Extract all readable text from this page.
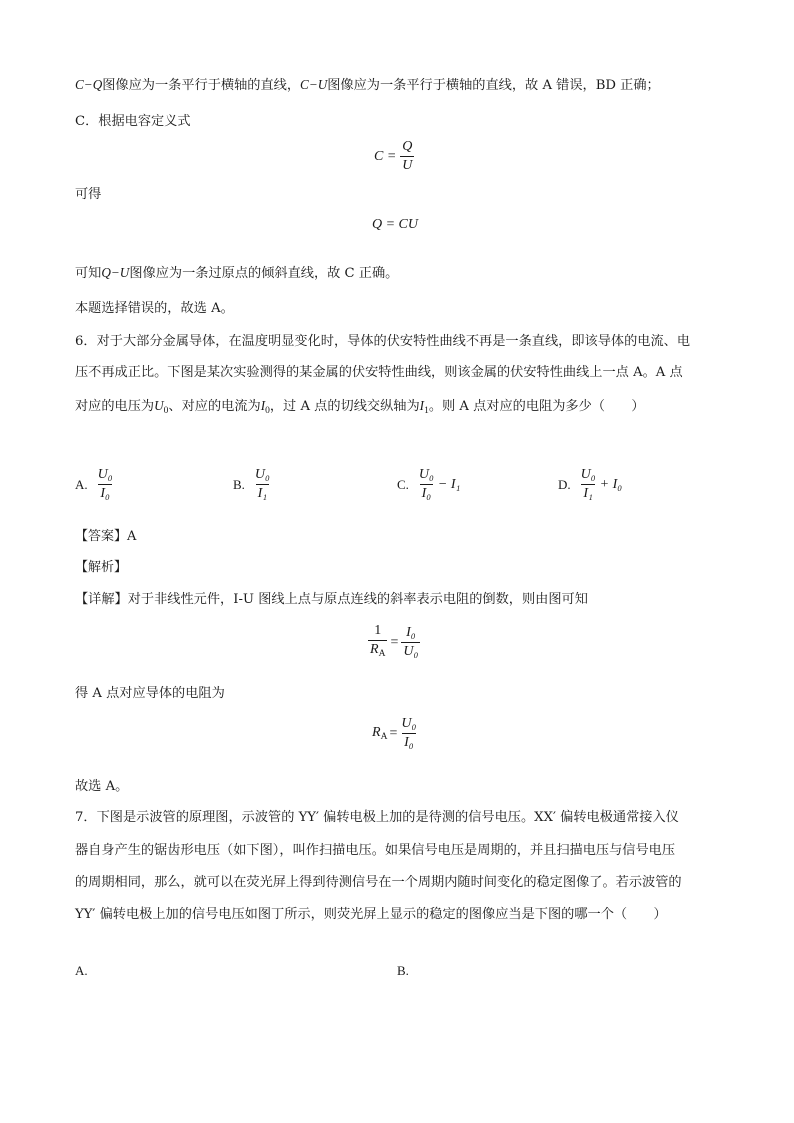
C−Q图像应为一条平行于横轴的直线，C−U图像应为一条平行于横轴的直线，故 A 错误，BD 正确；
C．根据电容定义式
$C = \frac{Q}{U}$
可得
Q = CU
可知Q−U图像应为一条过原点的倾斜直线，故 C 正确。
本题选择错误的，故选 A。
6．对于大部分金属导体，在温度明显变化时，导体的伏安特性曲线不再是一条直线，即该导体的电流、电
压不再成正比。下图是某次实验测得的某金属的伏安特性曲线，则该金属的伏安特性曲线上一点 A。A 点
对应的电压为$U_0$、对应的电流为$I_0$，过 A 点的切线交纵轴为$I_1$。则 A 点对应的电阻为多少（　　）
A. $\frac{\text{U₀}}{\text{I₀}}$	B. $\frac{\text{U₀}}{\text{I₁}}$	C. $\frac{\text{U₀}}{\text{I₀}} - I_1$	D. $\frac{\text{U₀}}{\text{I₁}} + I_0$
【答案】A
【解析】
【详解】对于非线性元件，I-U 图线上点与原点连线的斜率表示电阻的倒数，则由图可知
$\frac{1}{R_A} = \frac{\text{I₀}}{\text{U₀}}$
得 A 点对应导体的电阻为
$R_A = \frac{\text{U₀}}{\text{I₀}}$
故选 A。
7．下图是示波管的原理图，示波管的 YY′ 偏转电极上加的是待测的信号电压。XX′ 偏转电极通常接入仪
器自身产生的锯齿形电压（如下图），叫作扫描电压。如果信号电压是周期的，并且扫描电压与信号电压
的周期相同，那么，就可以在荧光屏上得到待测信号在一个周期内随时间变化的稳定图像了。若示波管的
YY′ 偏转电极上加的信号电压如图丁所示，则荧光屏上显示的稳定的图像应当是下图的哪一个（　　）
A.	B.
